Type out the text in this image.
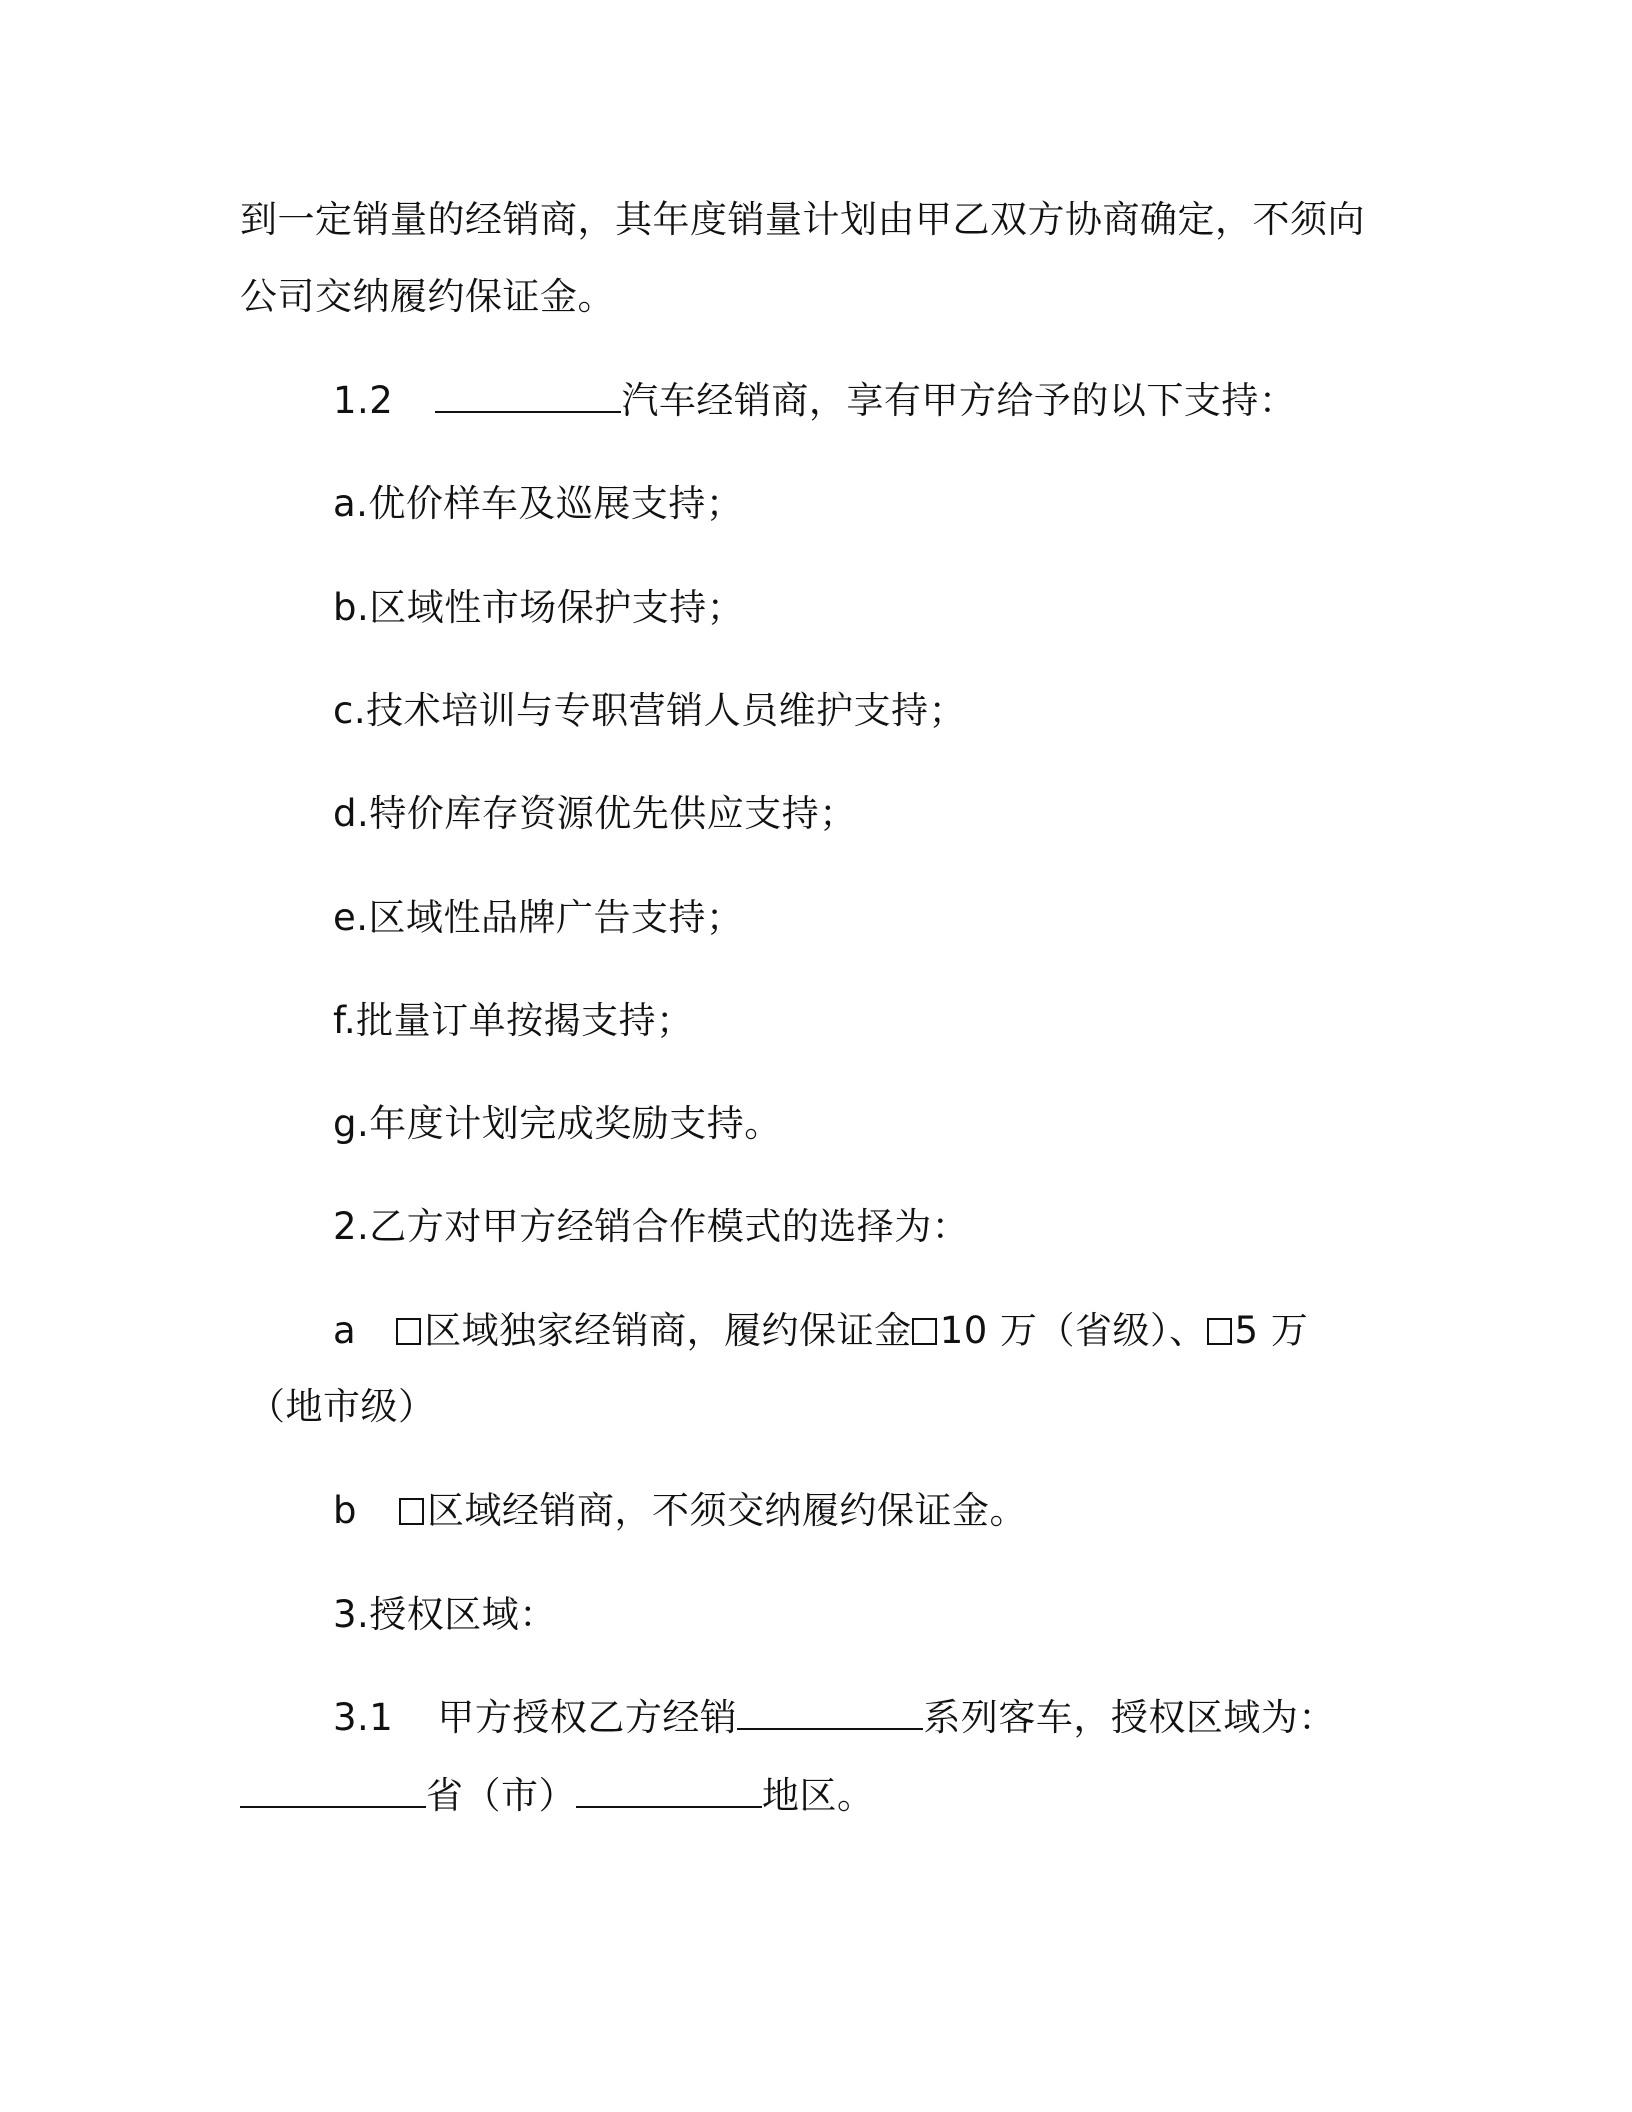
到一定销量的经销商，其年度销量计划由甲乙双方协商确定，不须向
公司交纳履约保证金。
1.2	汽车经销商，享有甲方给予的以下支持：
a.优价样车及巡展支持；
b.区域性市场保护支持；
c.技术培训与专职营销人员维护支持；
d.特价库存资源优先供应支持；
e.区域性品牌广告支持；
f.批量订单按揭支持；
g.年度计划完成奖励支持。
2.乙方对甲方经销合作模式的选择为：
a 区域独家经销商，履约保证金 10 万（省级）、 5 万
（地市级）
b 区域经销商，不须交纳履约保证金。
3.授权区域：
3.1 甲方授权乙方经销	系列客车，授权区域为：
省（市）	地区。
